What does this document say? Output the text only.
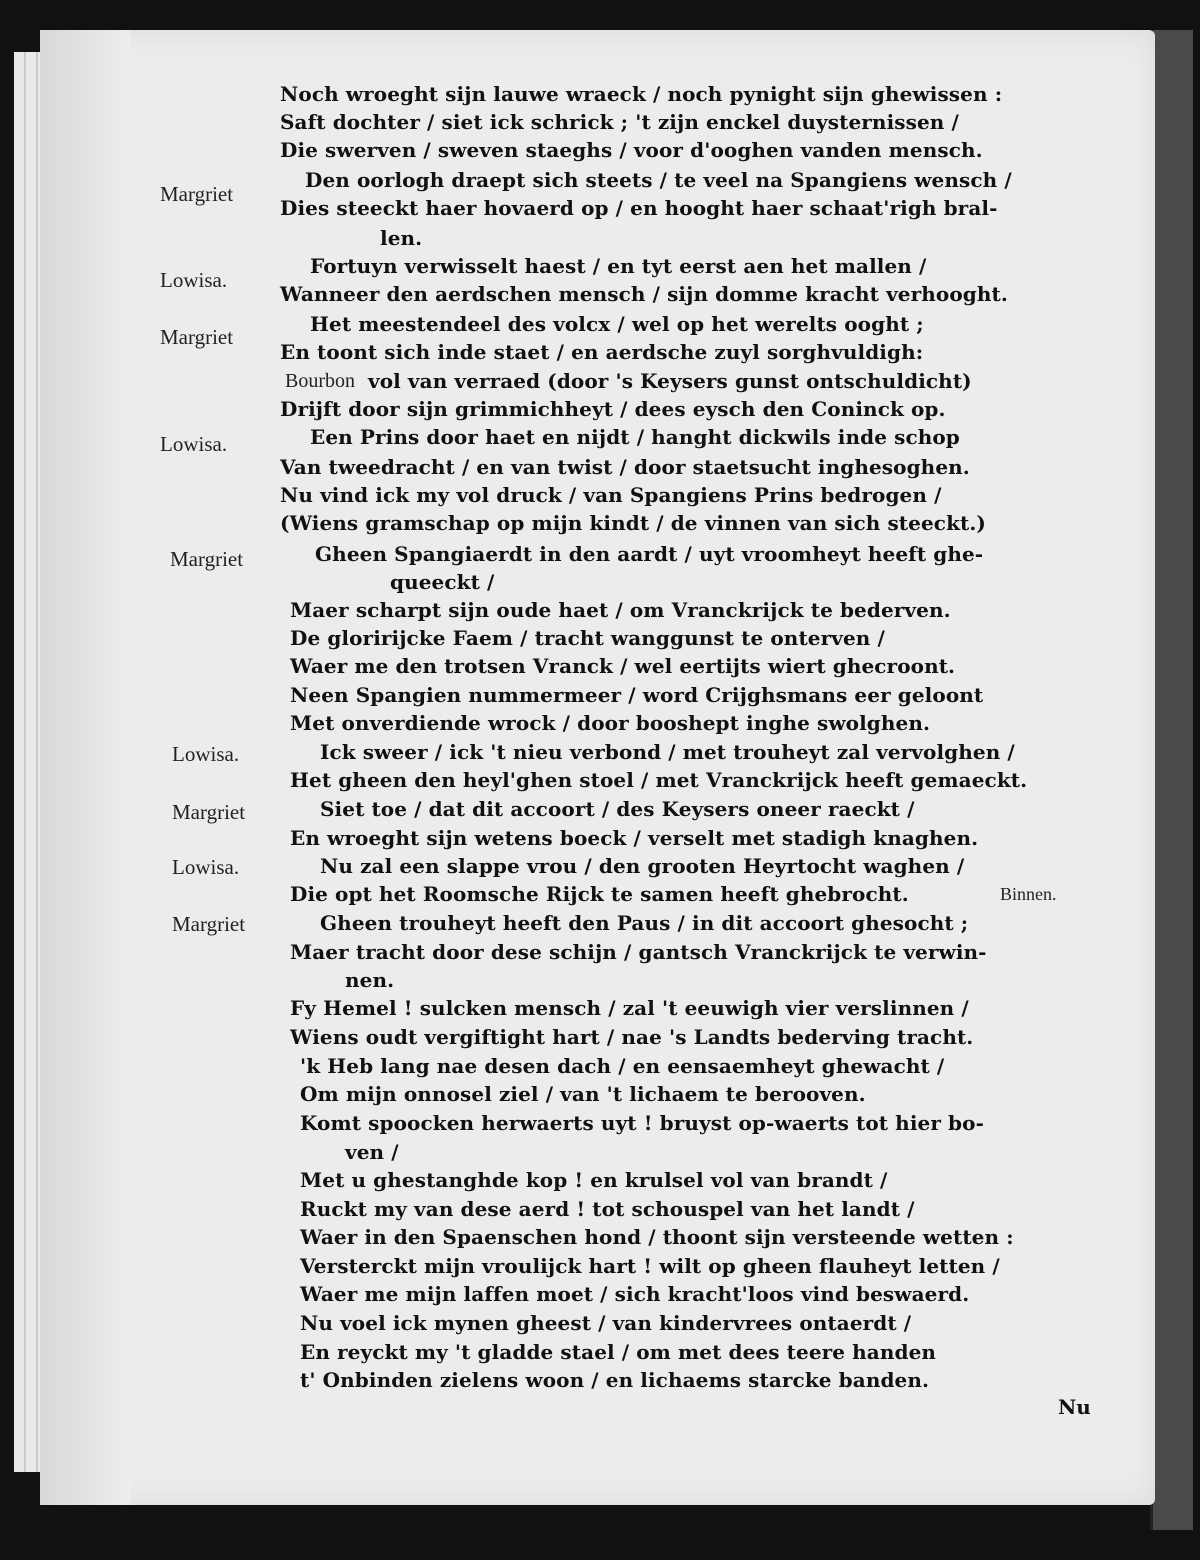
Margriet
Lowisa.
Margriet
Bourbon
Lowisa.
Margriet
Lowisa.
Margriet
Lowisa.
Margriet
Noch wroeght sijn lauwe wraeck / noch pynight sijn ghewissen :
Saft dochter / siet ick schrick ; 't zijn enckel duysternissen /
Die swerven / sweven staeghs / voor d'ooghen vanden mensch.
Den oorlogh draept sich steets / te veel na Spangiens wensch /
Dies steeckt haer hovaerd op / en hooght haer schaat'righ bral-
len.
Fortuyn verwisselt haest / en tyt eerst aen het mallen /
Wanneer den aerdschen mensch / sijn domme kracht verhooght.
Het meestendeel des volcx / wel op het werelts ooght ;
En toont sich inde staet / en aerdsche zuyl sorghvuldigh:
vol van verraed (door 's Keysers gunst ontschuldicht)
Drijft door sijn grimmichheyt / dees eysch den Coninck op.
Een Prins door haet en nijdt / hanght dickwils inde schop
Van tweedracht / en van twist / door staetsucht inghesoghen.
Nu vind ick my vol druck / van Spangiens Prins bedrogen /
(Wiens gramschap op mijn kindt / de vinnen van sich steeckt.)
Gheen Spangiaerdt in den aardt / uyt vroomheyt heeft ghe-
queeckt /
Maer scharpt sijn oude haet / om Vranckrijck te bederven.
De gloririjcke Faem / tracht wanggunst te onterven /
Waer me den trotsen Vranck / wel eertijts wiert ghecroont.
Neen Spangien nummermeer / word Crijghsmans eer geloont
Met onverdiende wrock / door booshept inghe swolghen.
Ick sweer / ick 't nieu verbond / met trouheyt zal vervolghen /
Het gheen den heyl'ghen stoel / met Vranckrijck heeft gemaeckt.
Siet toe / dat dit accoort / des Keysers oneer raeckt /
En wroeght sijn wetens boeck / verselt met stadigh knaghen.
Nu zal een slappe vrou / den grooten Heyrtocht waghen /
Die opt het Roomsche Rijck te samen heeft ghebrocht.
Gheen trouheyt heeft den Paus / in dit accoort ghesocht ;
Maer tracht door dese schijn / gantsch Vranckrijck te verwin-
nen.
Fy Hemel ! sulcken mensch / zal 't eeuwigh vier verslinnen /
Wiens oudt vergiftight hart / nae 's Landts bederving tracht.
'k Heb lang nae desen dach / en eensaemheyt ghewacht /
Om mijn onnosel ziel / van 't lichaem te berooven.
Komt spoocken herwaerts uyt ! bruyst op-waerts tot hier bo-
ven /
Met u ghestanghde kop ! en krulsel vol van brandt /
Ruckt my van dese aerd ! tot schouspel van het landt /
Waer in den Spaenschen hond / thoont sijn versteende wetten :
Versterckt mijn vroulijck hart ! wilt op gheen flauheyt letten /
Waer me mijn laffen moet / sich kracht'loos vind beswaerd.
Nu voel ick mynen gheest / van kindervrees ontaerdt /
En reyckt my 't gladde stael / om met dees teere handen
t' Onbinden zielens woon / en lichaems starcke banden.
Binnen.
Nu
